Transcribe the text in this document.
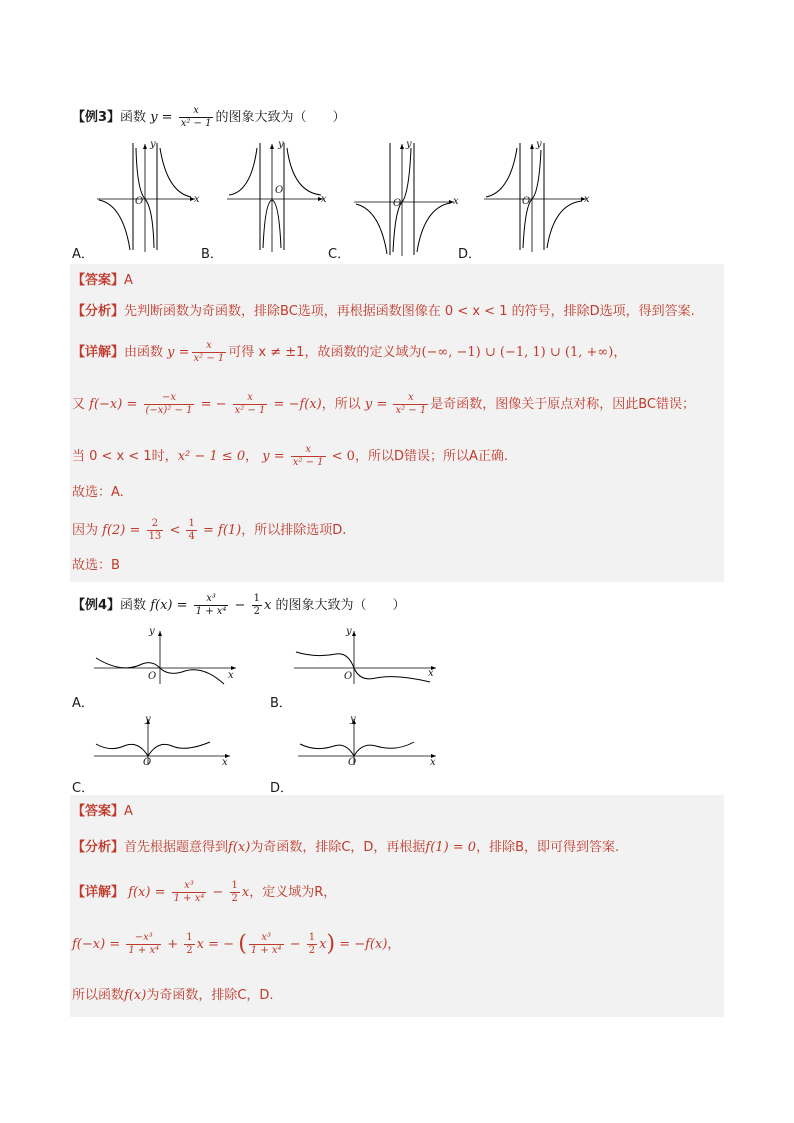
【例3】函数 $y = \frac{x}{\text{x² − 1}}$ 的图象大致为（　　）
y
x
O
y
x
O
y
x
O
y
x
O
A．	B．	C．	D．
【答案】A
【分析】先判断函数为奇函数，排除BC选项，再根据函数图像在 0 < x < 1 的符号，排除D选项，得到答案.
【详解】由函数 $y = \frac{x}{\text{x² − 1}}$ 可得 x ≠ ±1，故函数的定义域为(−∞, −1) ∪ (−1, 1) ∪ (1, +∞)，
又 $f(-x) = \frac{-x}{\text{(−x)² − 1}}$ = − $\frac{x}{\text{x² − 1}} = -f(x)$，所以 $y = \frac{x}{\text{x² − 1}}$ 是奇函数，图像关于原点对称，因此BC错误；
当 0 < x < 1时，x² − 1 ≤ 0， $y = \frac{x}{\text{x² − 1}} < 0$，所以D错误；所以A正确.
故选：A.
因为 $f(2) = \frac{2}{13} < \frac{1}{4} = f(1)$，所以排除选项D.
故选：B
【例4】函数 $f(x) = \frac{\text{x³}}{\text{1 + x⁴}} - \frac{1}{2}$ x 的图象大致为（　　）
y
x
O
y
x
O
A．	B．
y
x
O
y
x
O
C．	D．
【答案】A
【分析】首先根据题意得到f(x)为奇函数，排除C，D，再根据f(1) = 0，排除B，即可得到答案.
【详解】 $f(x) = \frac{\text{x³}}{\text{1 + x⁴}} - \frac{1}{2}$ x，定义域为R，
$f(-x) = \frac{\text{−x³}}{\text{1 + x⁴}} + \frac{1}{2}$ x = − ( $\frac{\text{x³}}{\text{1 + x⁴}} - \frac{1}{2} x) = -f(x)$，
所以函数f(x)为奇函数，排除C，D.
